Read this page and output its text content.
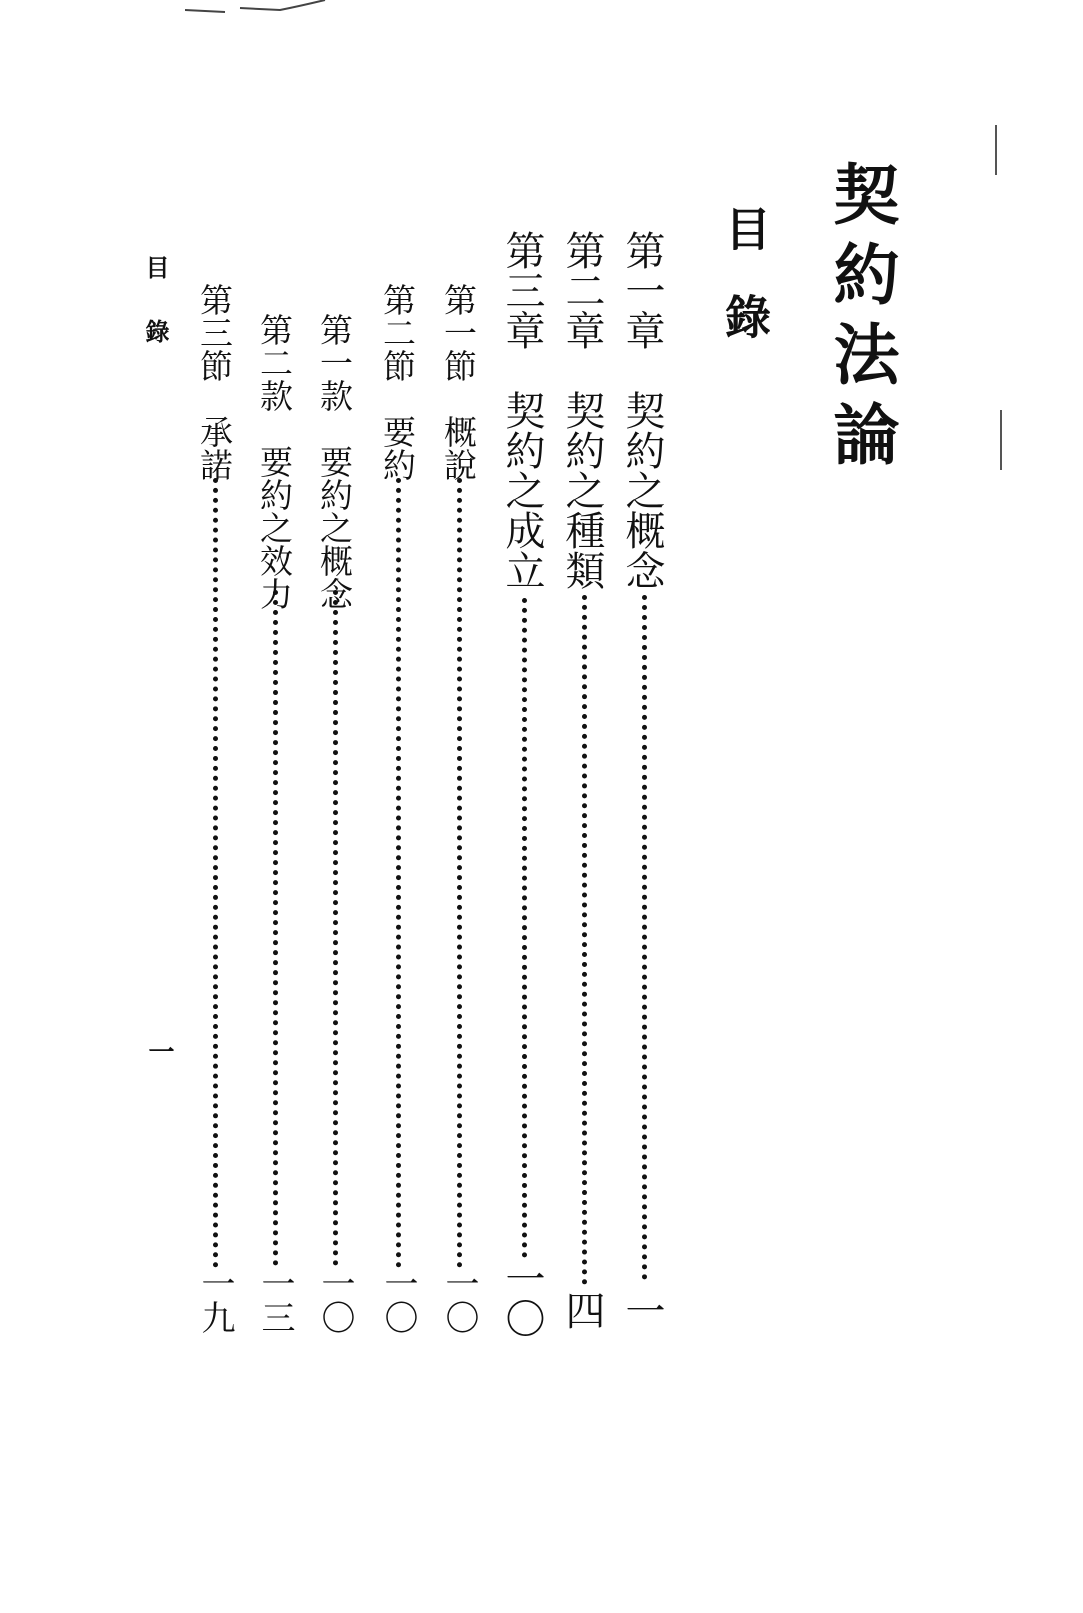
契約法論
目錄
第一章　契約之概念
一
第二章　契約之種類
四
第三章　契約之成立
一〇
第一節　概說
一〇
第二節　要約
一〇
第一款　要約之概念
一〇
第二款　要約之效力
一三
第三節　承諾
一九
目錄
一
